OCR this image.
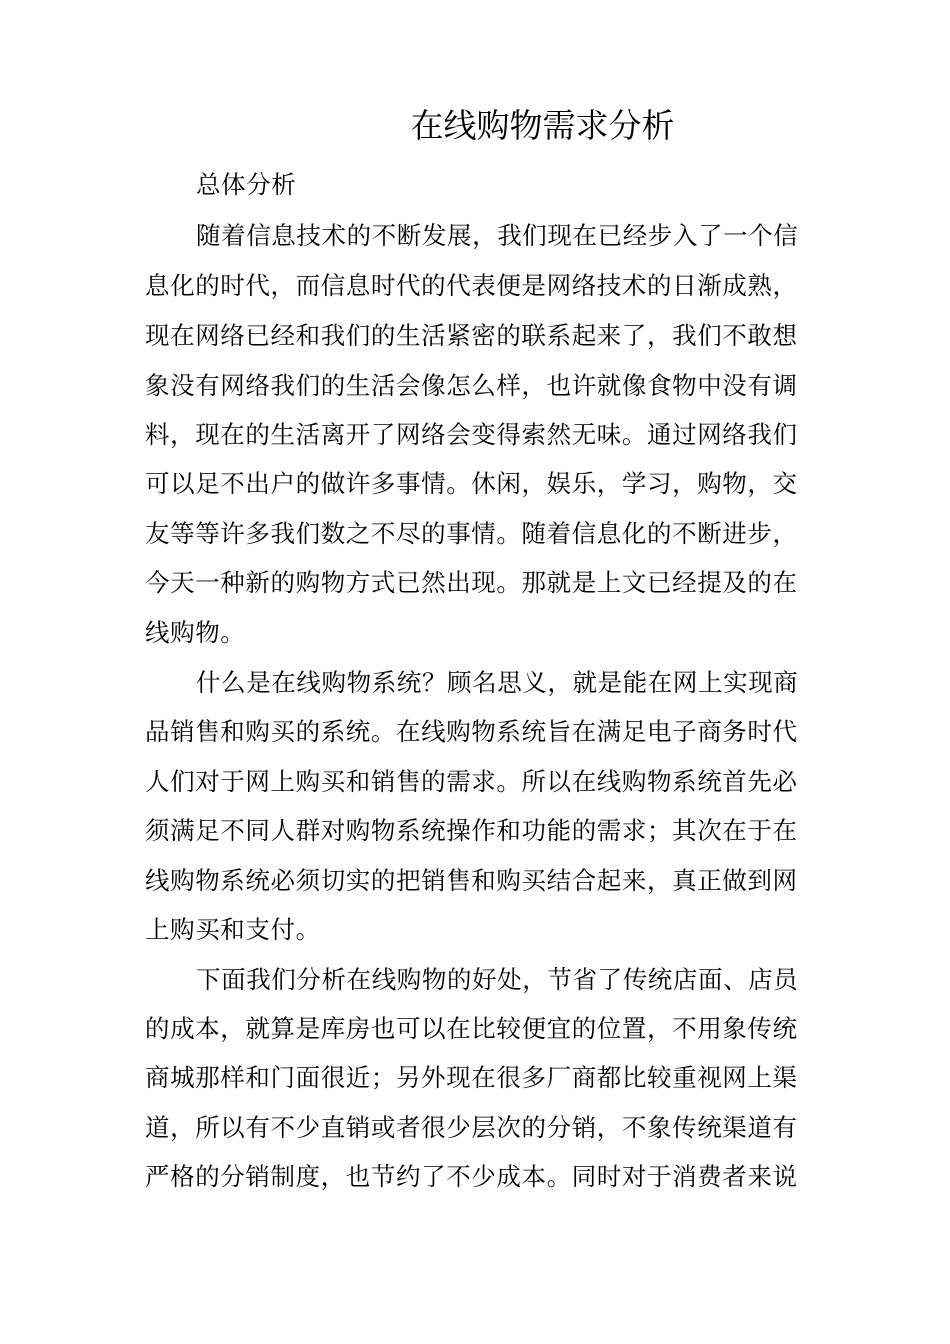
在线购物需求分析
总体分析
随着信息技术的不断发展，我们现在已经步入了一个信
息化的时代，而信息时代的代表便是网络技术的日渐成熟，
现在网络已经和我们的生活紧密的联系起来了，我们不敢想
象没有网络我们的生活会像怎么样，也许就像食物中没有调
料，现在的生活离开了网络会变得索然无味。通过网络我们
可以足不出户的做许多事情。休闲，娱乐，学习，购物，交
友等等许多我们数之不尽的事情。随着信息化的不断进步，
今天一种新的购物方式已然出现。那就是上文已经提及的在
线购物。
什么是在线购物系统？顾名思义，就是能在网上实现商
品销售和购买的系统。在线购物系统旨在满足电子商务时代
人们对于网上购买和销售的需求。所以在线购物系统首先必
须满足不同人群对购物系统操作和功能的需求；其次在于在
线购物系统必须切实的把销售和购买结合起来，真正做到网
上购买和支付。
下面我们分析在线购物的好处，节省了传统店面、店员
的成本，就算是库房也可以在比较便宜的位置，不用象传统
商城那样和门面很近；另外现在很多厂商都比较重视网上渠
道，所以有不少直销或者很少层次的分销，不象传统渠道有
严格的分销制度，也节约了不少成本。同时对于消费者来说
